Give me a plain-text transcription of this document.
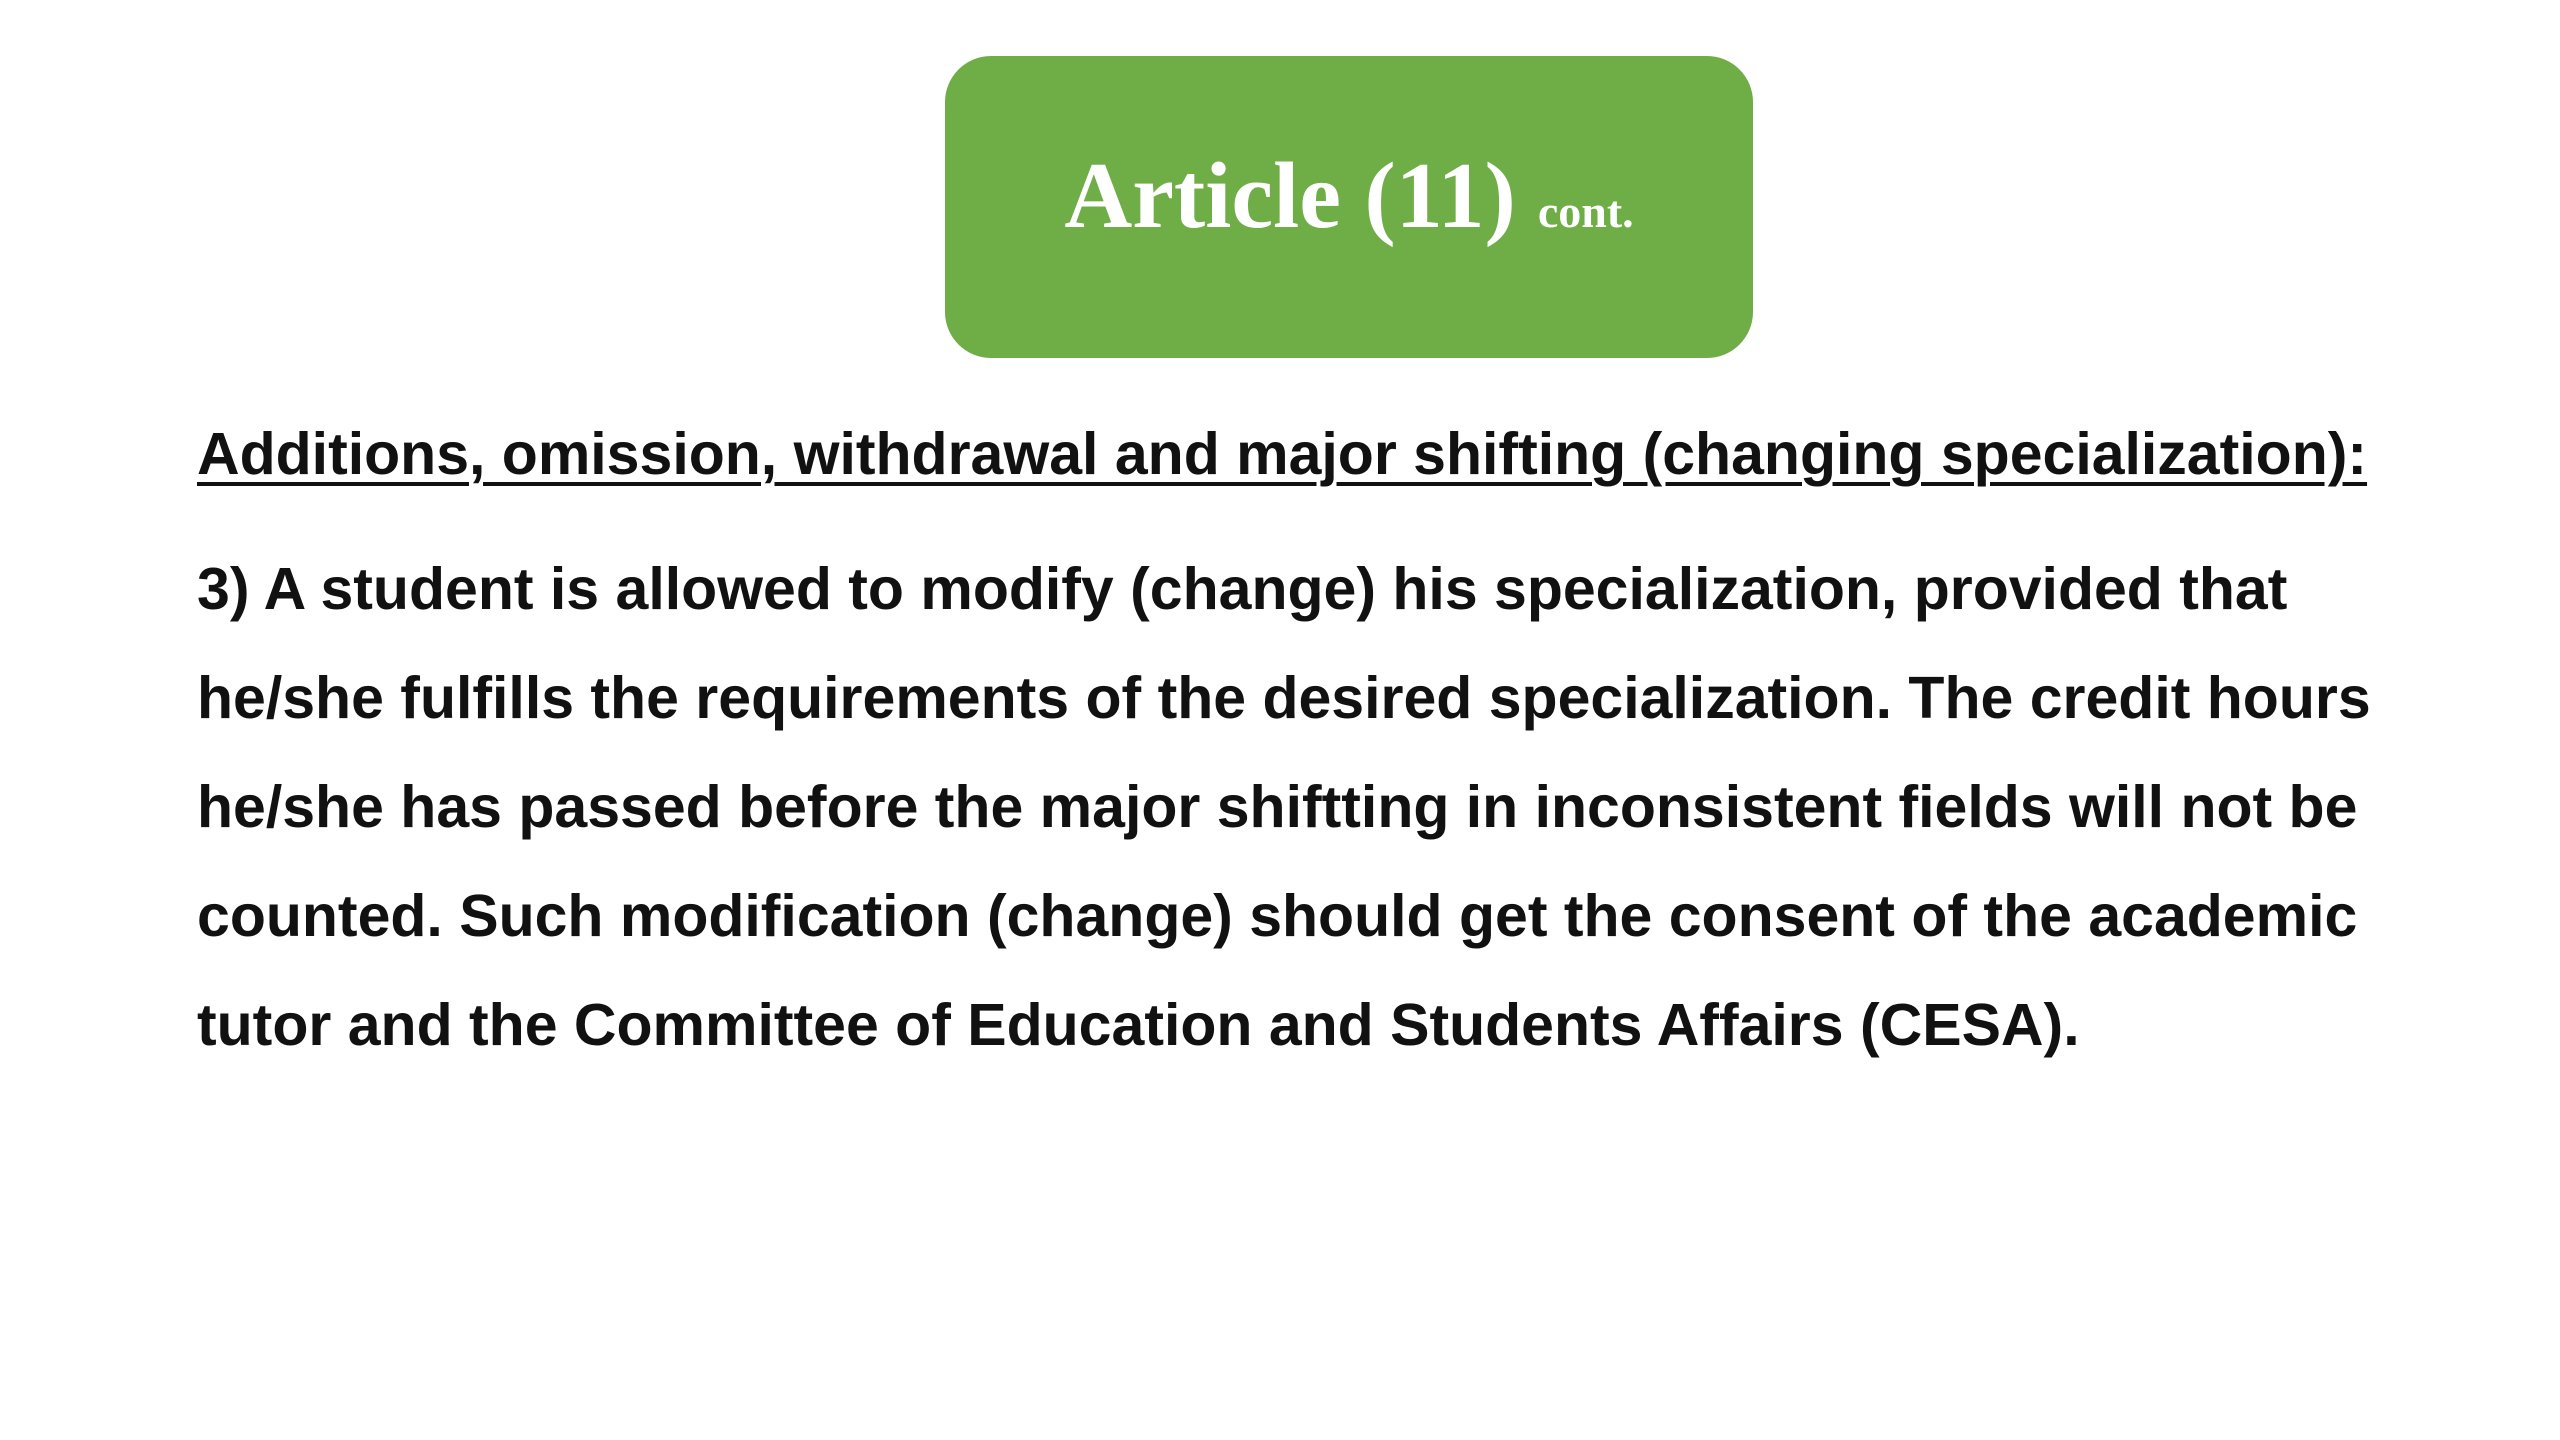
Article (11) cont.

Additions, omission, withdrawal and major shifting (changing specialization):

3) A student is allowed to modify (change) his specialization, provided that he/she fulfills the requirements of the desired specialization. The credit hours he/she has passed before the major shiftting in inconsistent fields will not be counted. Such modification (change) should get the consent of the academic tutor and the Committee of Education and Students Affairs (CESA).
